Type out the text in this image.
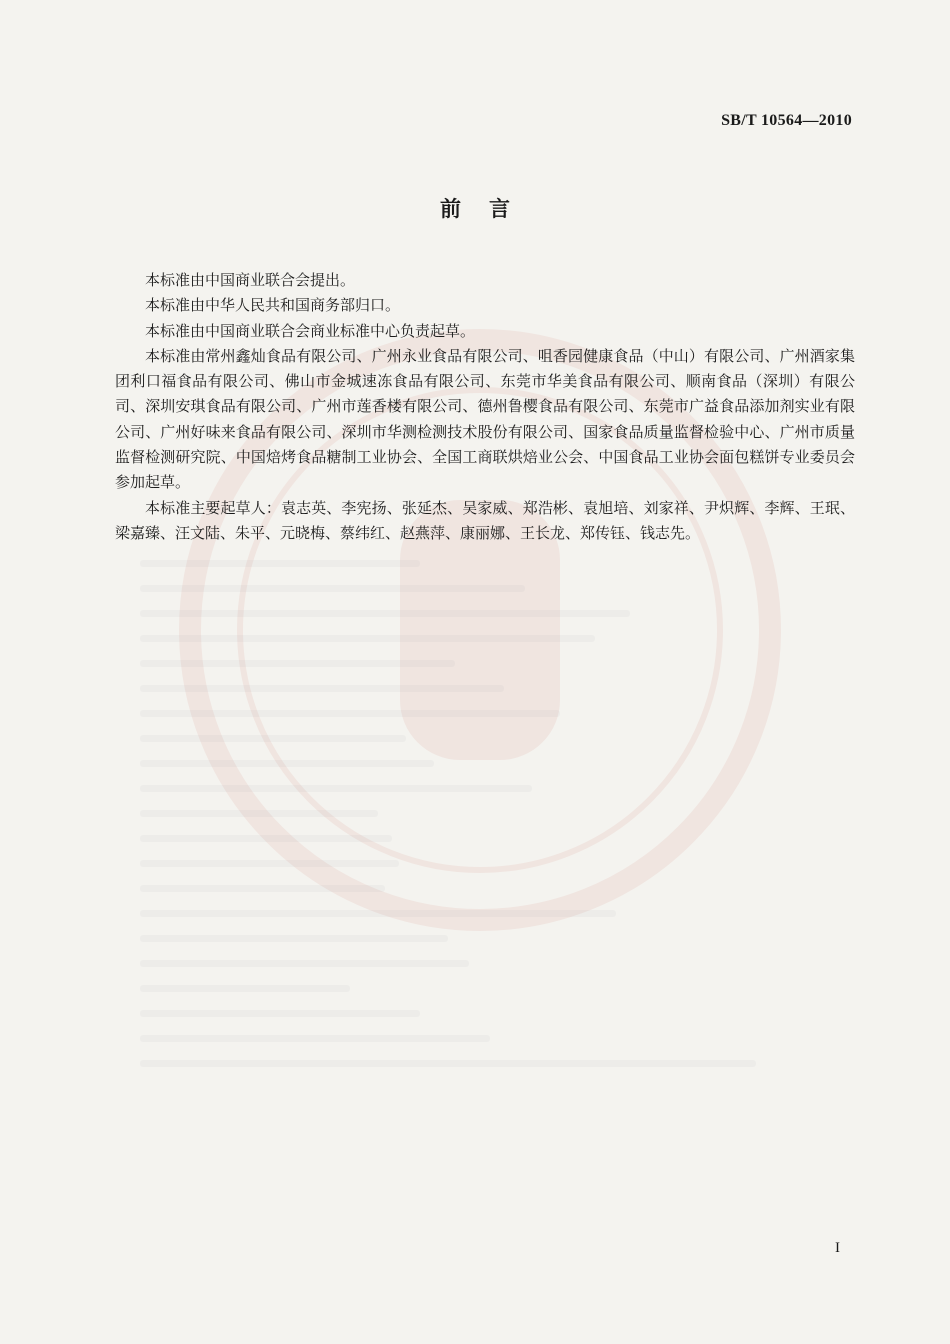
SB/T 10564—2010
前言

本标准由中国商业联合会提出。

本标准由中华人民共和国商务部归口。

本标准由中国商业联合会商业标准中心负责起草。

本标准由常州鑫灿食品有限公司、广州永业食品有限公司、咀香园健康食品（中山）有限公司、广州酒家集团利口福食品有限公司、佛山市金城速冻食品有限公司、东莞市华美食品有限公司、顺南食品（深圳）有限公司、深圳安琪食品有限公司、广州市莲香楼有限公司、德州鲁樱食品有限公司、东莞市广益食品添加剂实业有限公司、广州好味来食品有限公司、深圳市华测检测技术股份有限公司、国家食品质量监督检验中心、广州市质量监督检测研究院、中国焙烤食品糖制工业协会、全国工商联烘焙业公会、中国食品工业协会面包糕饼专业委员会参加起草。

本标准主要起草人：袁志英、李宪扬、张延杰、吴家威、郑浩彬、袁旭培、刘家祥、尹炽辉、李辉、王珉、梁嘉臻、汪文陆、朱平、元晓梅、蔡纬红、赵燕萍、康丽娜、王长龙、郑传钰、钱志先。

I
